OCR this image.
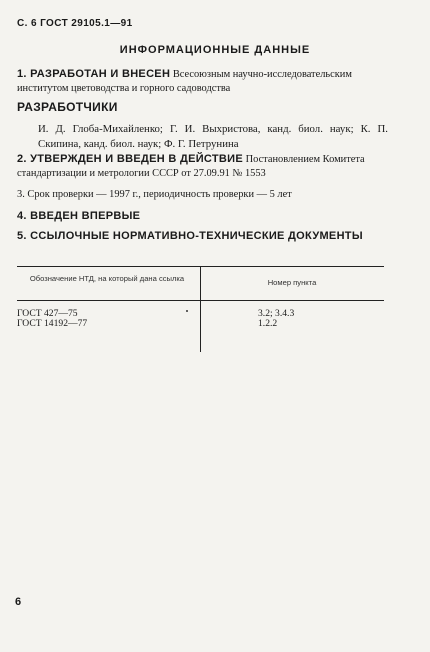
С. 6 ГОСТ 29105.1—91
ИНФОРМАЦИОННЫЕ ДАННЫЕ
1. РАЗРАБОТАН И ВНЕСЕН Всесоюзным научно-исследовательским институтом цветоводства и горного садоводства
РАЗРАБОТЧИКИ
И. Д. Глоба-Михайленко; Г. И. Выхристова, канд. биол. наук; К. П. Скипина, канд. биол. наук; Ф. Г. Петрунина
2. УТВЕРЖДЕН И ВВЕДЕН В ДЕЙСТВИЕ Постановлением Комитета стандартизации и метрологии СССР от 27.09.91 № 1553
3. Срок проверки — 1997 г., периодичность проверки — 5 лет
4. ВВЕДЕН ВПЕРВЫЕ
5. ССЫЛОЧНЫЕ НОРМАТИВНО-ТЕХНИЧЕСКИЕ ДОКУМЕНТЫ
Обозначение НТД, на который дана ссылка	Номер пункта
ГОСТ 427—75	3.2; 3.4.3
ГОСТ 14192—77	1.2.2
6
